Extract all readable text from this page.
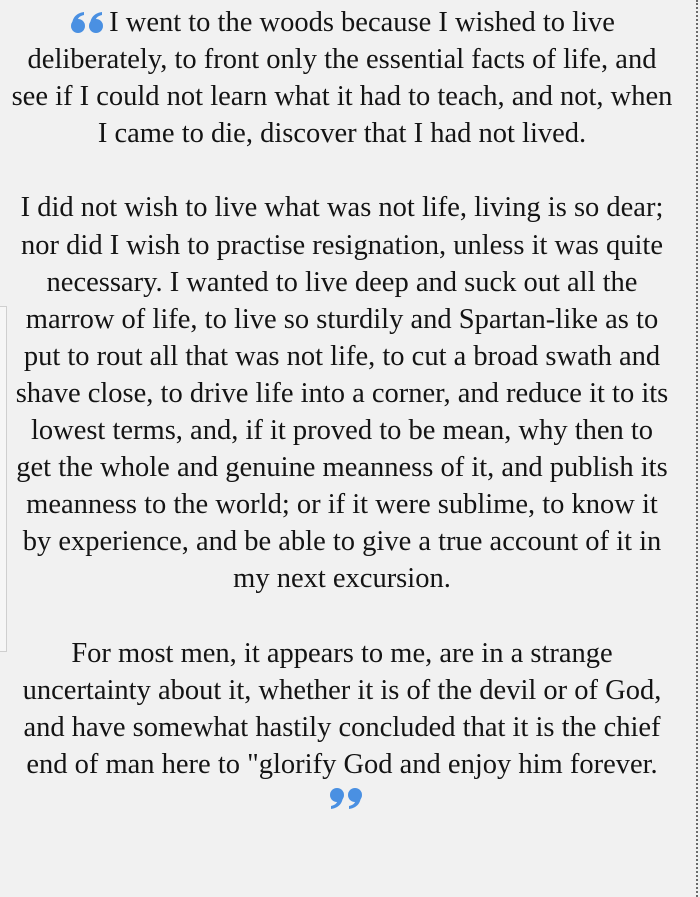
I went to the woods because I wished to live deliberately, to front only the essential facts of life, and see if I could not learn what it had to teach, and not, when I came to die, discover that I had not lived.

I did not wish to live what was not life, living is so dear; nor did I wish to practise resignation, unless it was quite necessary. I wanted to live deep and suck out all the marrow of life, to live so sturdily and Spartan-like as to put to rout all that was not life, to cut a broad swath and shave close, to drive life into a corner, and reduce it to its lowest terms, and, if it proved to be mean, why then to get the whole and genuine meanness of it, and publish its meanness to the world; or if it were sublime, to know it by experience, and be able to give a true account of it in my next excursion.

For most men, it appears to me, are in a strange uncertainty about it, whether it is of the devil or of God, and have somewhat hastily concluded that it is the chief end of man here to "glorify God and enjoy him forever.
